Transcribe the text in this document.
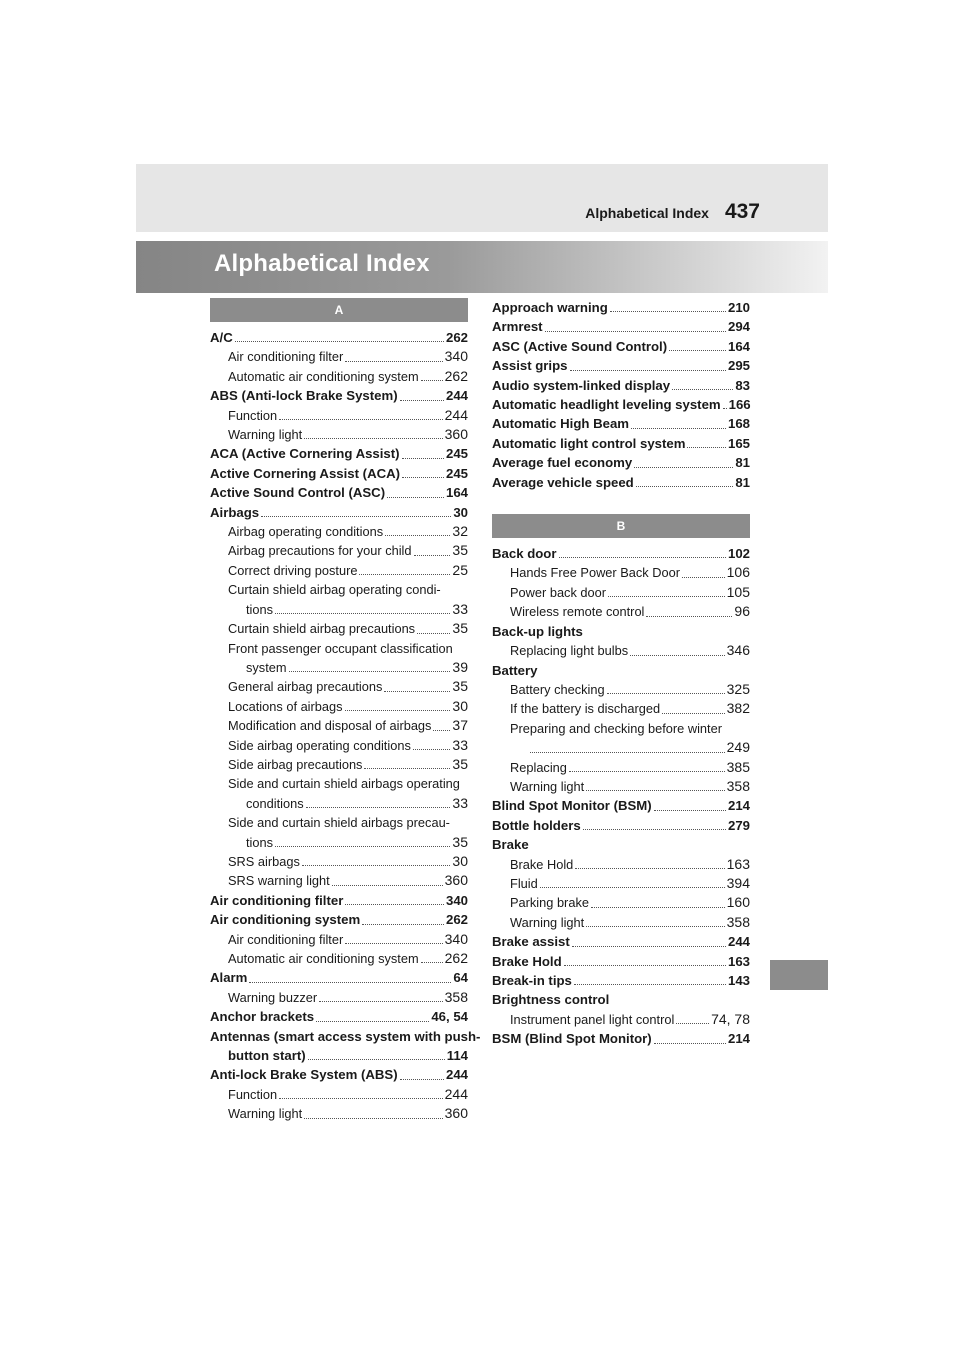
Alphabetical Index 437
Alphabetical Index
A
A/C	262
Air conditioning filter	340
Automatic air conditioning system 262
ABS (Anti-lock Brake System)	244
Function	244
Warning light	360
ACA (Active Cornering Assist)	245
Active Cornering Assist (ACA)	245
Active Sound Control (ASC)	164
Airbags	30
Airbag operating conditions	32
Airbag precautions for your child	35
Correct driving posture	25
Curtain shield airbag operating condi-
tions	33
Curtain shield airbag precautions	35
Front passenger occupant classification
system	39
General airbag precautions	35
Locations of airbags	30
Modification and disposal of airbags 37
Side airbag operating conditions	33
Side airbag precautions	35
Side and curtain shield airbags operating
conditions	33
Side and curtain shield airbags precau-
tions	35
SRS airbags	30
SRS warning light	360
Air conditioning filter	340
Air conditioning system	262
Air conditioning filter	340
Automatic air conditioning system 262
Alarm	64
Warning buzzer	358
Anchor brackets	46, 54
Antennas (smart access system with push-
button start)	114
Anti-lock Brake System (ABS)	244
Function	244
Warning light	360
Approach warning	210
Armrest	294
ASC (Active Sound Control)	164
Assist grips	295
Audio system-linked display	83
Automatic headlight leveling system 166
Automatic High Beam	168
Automatic light control system	165
Average fuel economy	81
Average vehicle speed	81
B
Back door	102
Hands Free Power Back Door	106
Power back door	105
Wireless remote control	96
Back-up lights
Replacing light bulbs	346
Battery
Battery checking	325
If the battery is discharged	382
Preparing and checking before winter
249
Replacing	385
Warning light	358
Blind Spot Monitor (BSM)	214
Bottle holders	279
Brake
Brake Hold	163
Fluid	394
Parking brake	160
Warning light	358
Brake assist	244
Brake Hold	163
Break-in tips	143
Brightness control
Instrument panel light control	74, 78
BSM (Blind Spot Monitor)	214
